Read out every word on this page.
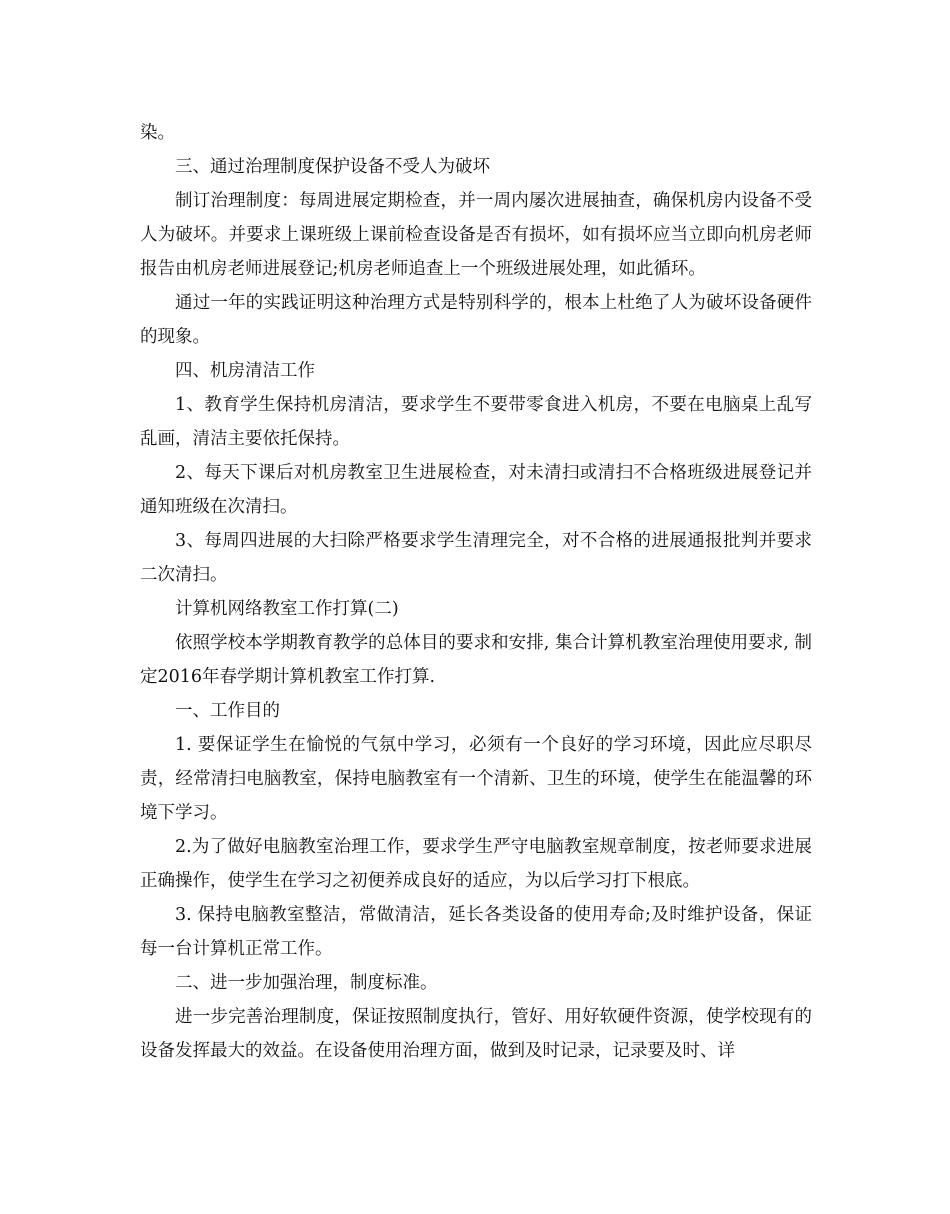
染。

三、通过治理制度保护设备不受人为破坏

制订治理制度：每周进展定期检查，并一周内屡次进展抽查，确保机房内设备不受人为破坏。并要求上课班级上课前检查设备是否有损坏，如有损坏应当立即向机房老师报告由机房老师进展登记;机房老师追查上一个班级进展处理，如此循环。

通过一年的实践证明这种治理方式是特别科学的，根本上杜绝了人为破坏设备硬件的现象。

四、机房清洁工作

1、教育学生保持机房清洁，要求学生不要带零食进入机房，不要在电脑桌上乱写乱画，清洁主要依托保持。

2、每天下课后对机房教室卫生进展检查，对未清扫或清扫不合格班级进展登记并通知班级在次清扫。

3、每周四进展的大扫除严格要求学生清理完全，对不合格的进展通报批判并要求二次清扫。

计算机网络教室工作打算(二)

依照学校本学期教育教学的总体目的要求和安排, 集合计算机教室治理使用要求, 制定2016年春学期计算机教室工作打算.

一、工作目的

1. 要保证学生在愉悦的气氛中学习，必须有一个良好的学习环境，因此应尽职尽责，经常清扫电脑教室，保持电脑教室有一个清新、卫生的环境，使学生在能温馨的环境下学习。

2.为了做好电脑教室治理工作，要求学生严守电脑教室规章制度，按老师要求进展正确操作，使学生在学习之初便养成良好的适应，为以后学习打下根底。

3. 保持电脑教室整洁，常做清洁，延长各类设备的使用寿命;及时维护设备，保证每一台计算机正常工作。

二、进一步加强治理，制度标准。

进一步完善治理制度，保证按照制度执行，管好、用好软硬件资源，使学校现有的设备发挥最大的效益。在设备使用治理方面，做到及时记录，记录要及时、详
